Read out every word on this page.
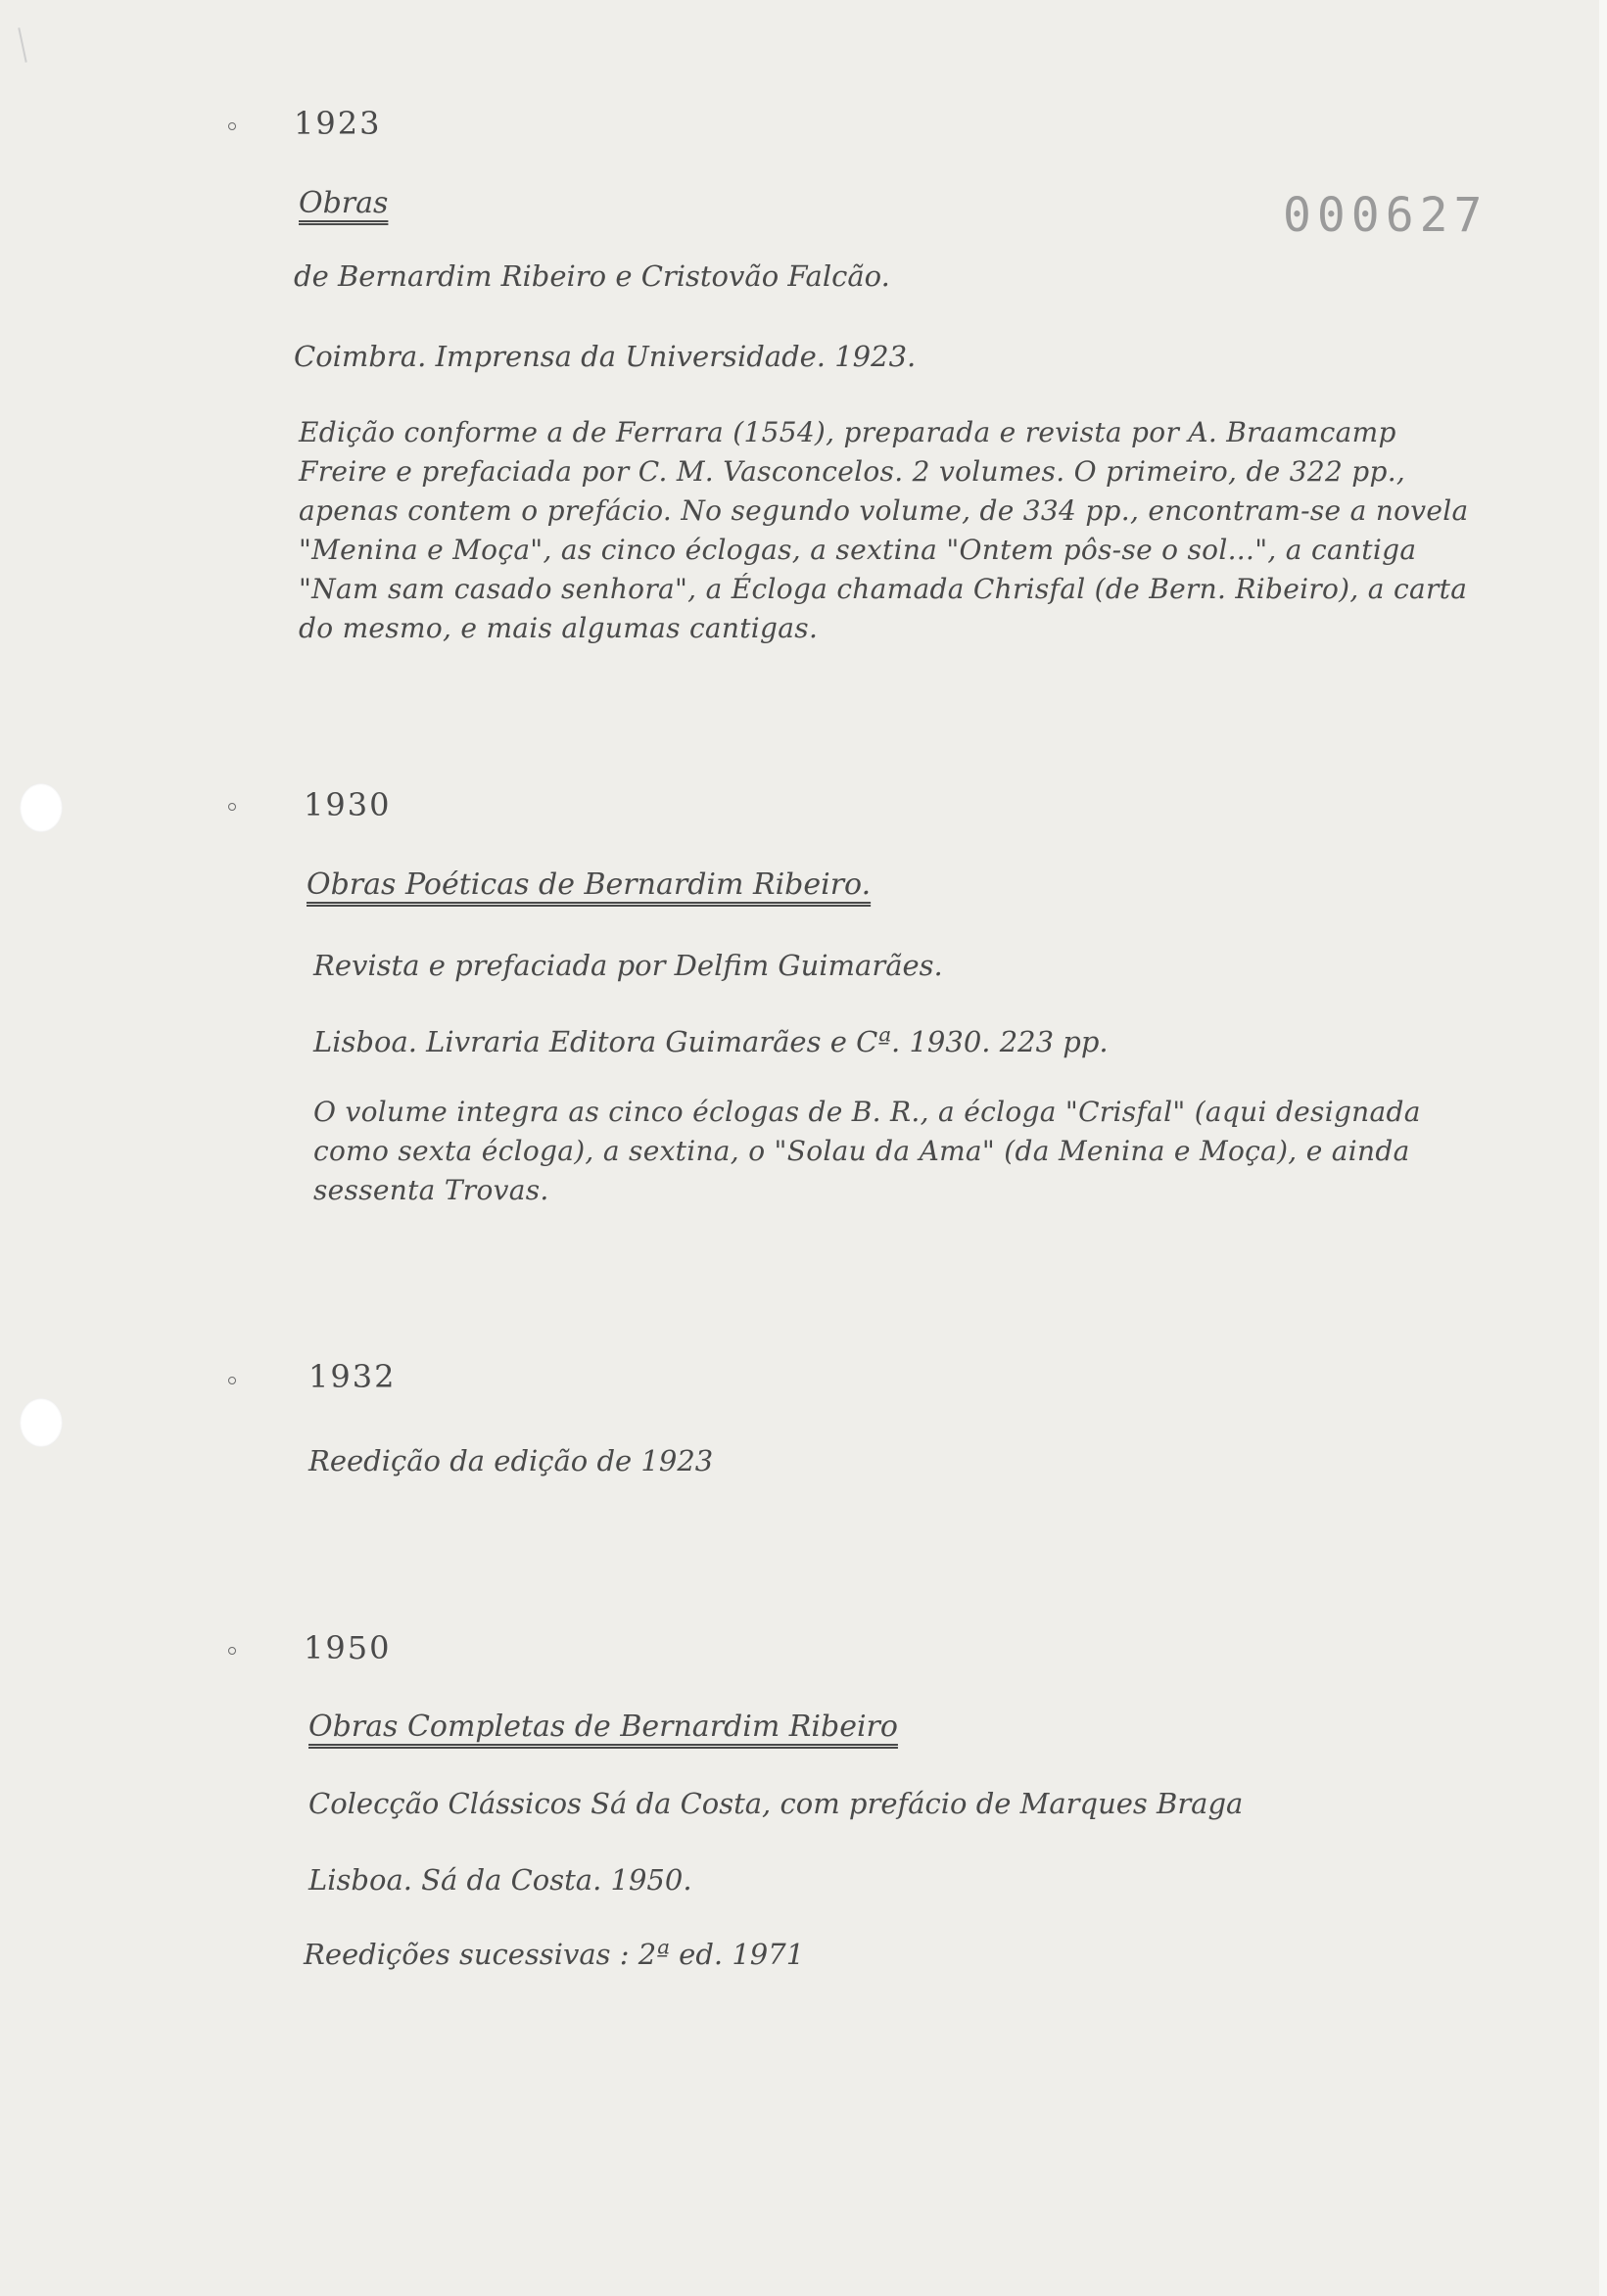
000627
1923
Obras
de Bernardim Ribeiro e Cristovão Falcão.
Coimbra. Imprensa da Universidade. 1923.
Edição conforme a de Ferrara (1554), preparada e revista por A. Braamcamp Freire e prefaciada por C. M. Vasconcelos. 2 volumes. O primeiro, de 322 pp., apenas contem o prefácio. No segundo volume, de 334 pp., encontram-se a novela "Menina e Moça", as cinco éclogas, a sextina "Ontem pôs-se o sol...", a cantiga "Nam sam casado senhora", a Écloga chamada Chrisfal (de Bern. Ribeiro), a carta do mesmo, e mais algumas cantigas.
1930
Obras Poéticas de Bernardim Ribeiro.
Revista e prefaciada por Delfim Guimarães.
Lisboa. Livraria Editora Guimarães e Cª. 1930. 223 pp.
O volume integra as cinco éclogas de B. R., a écloga "Crisfal" (aqui designada como sexta écloga), a sextina, o "Solau da Ama" (da Menina e Moça), e ainda sessenta Trovas.
1932
Reedição da edição de 1923
1950
Obras Completas de Bernardim Ribeiro
Colecção Clássicos Sá da Costa, com prefácio de Marques Braga
Lisboa. Sá da Costa. 1950.
Reedições sucessivas : 2ª ed. 1971
